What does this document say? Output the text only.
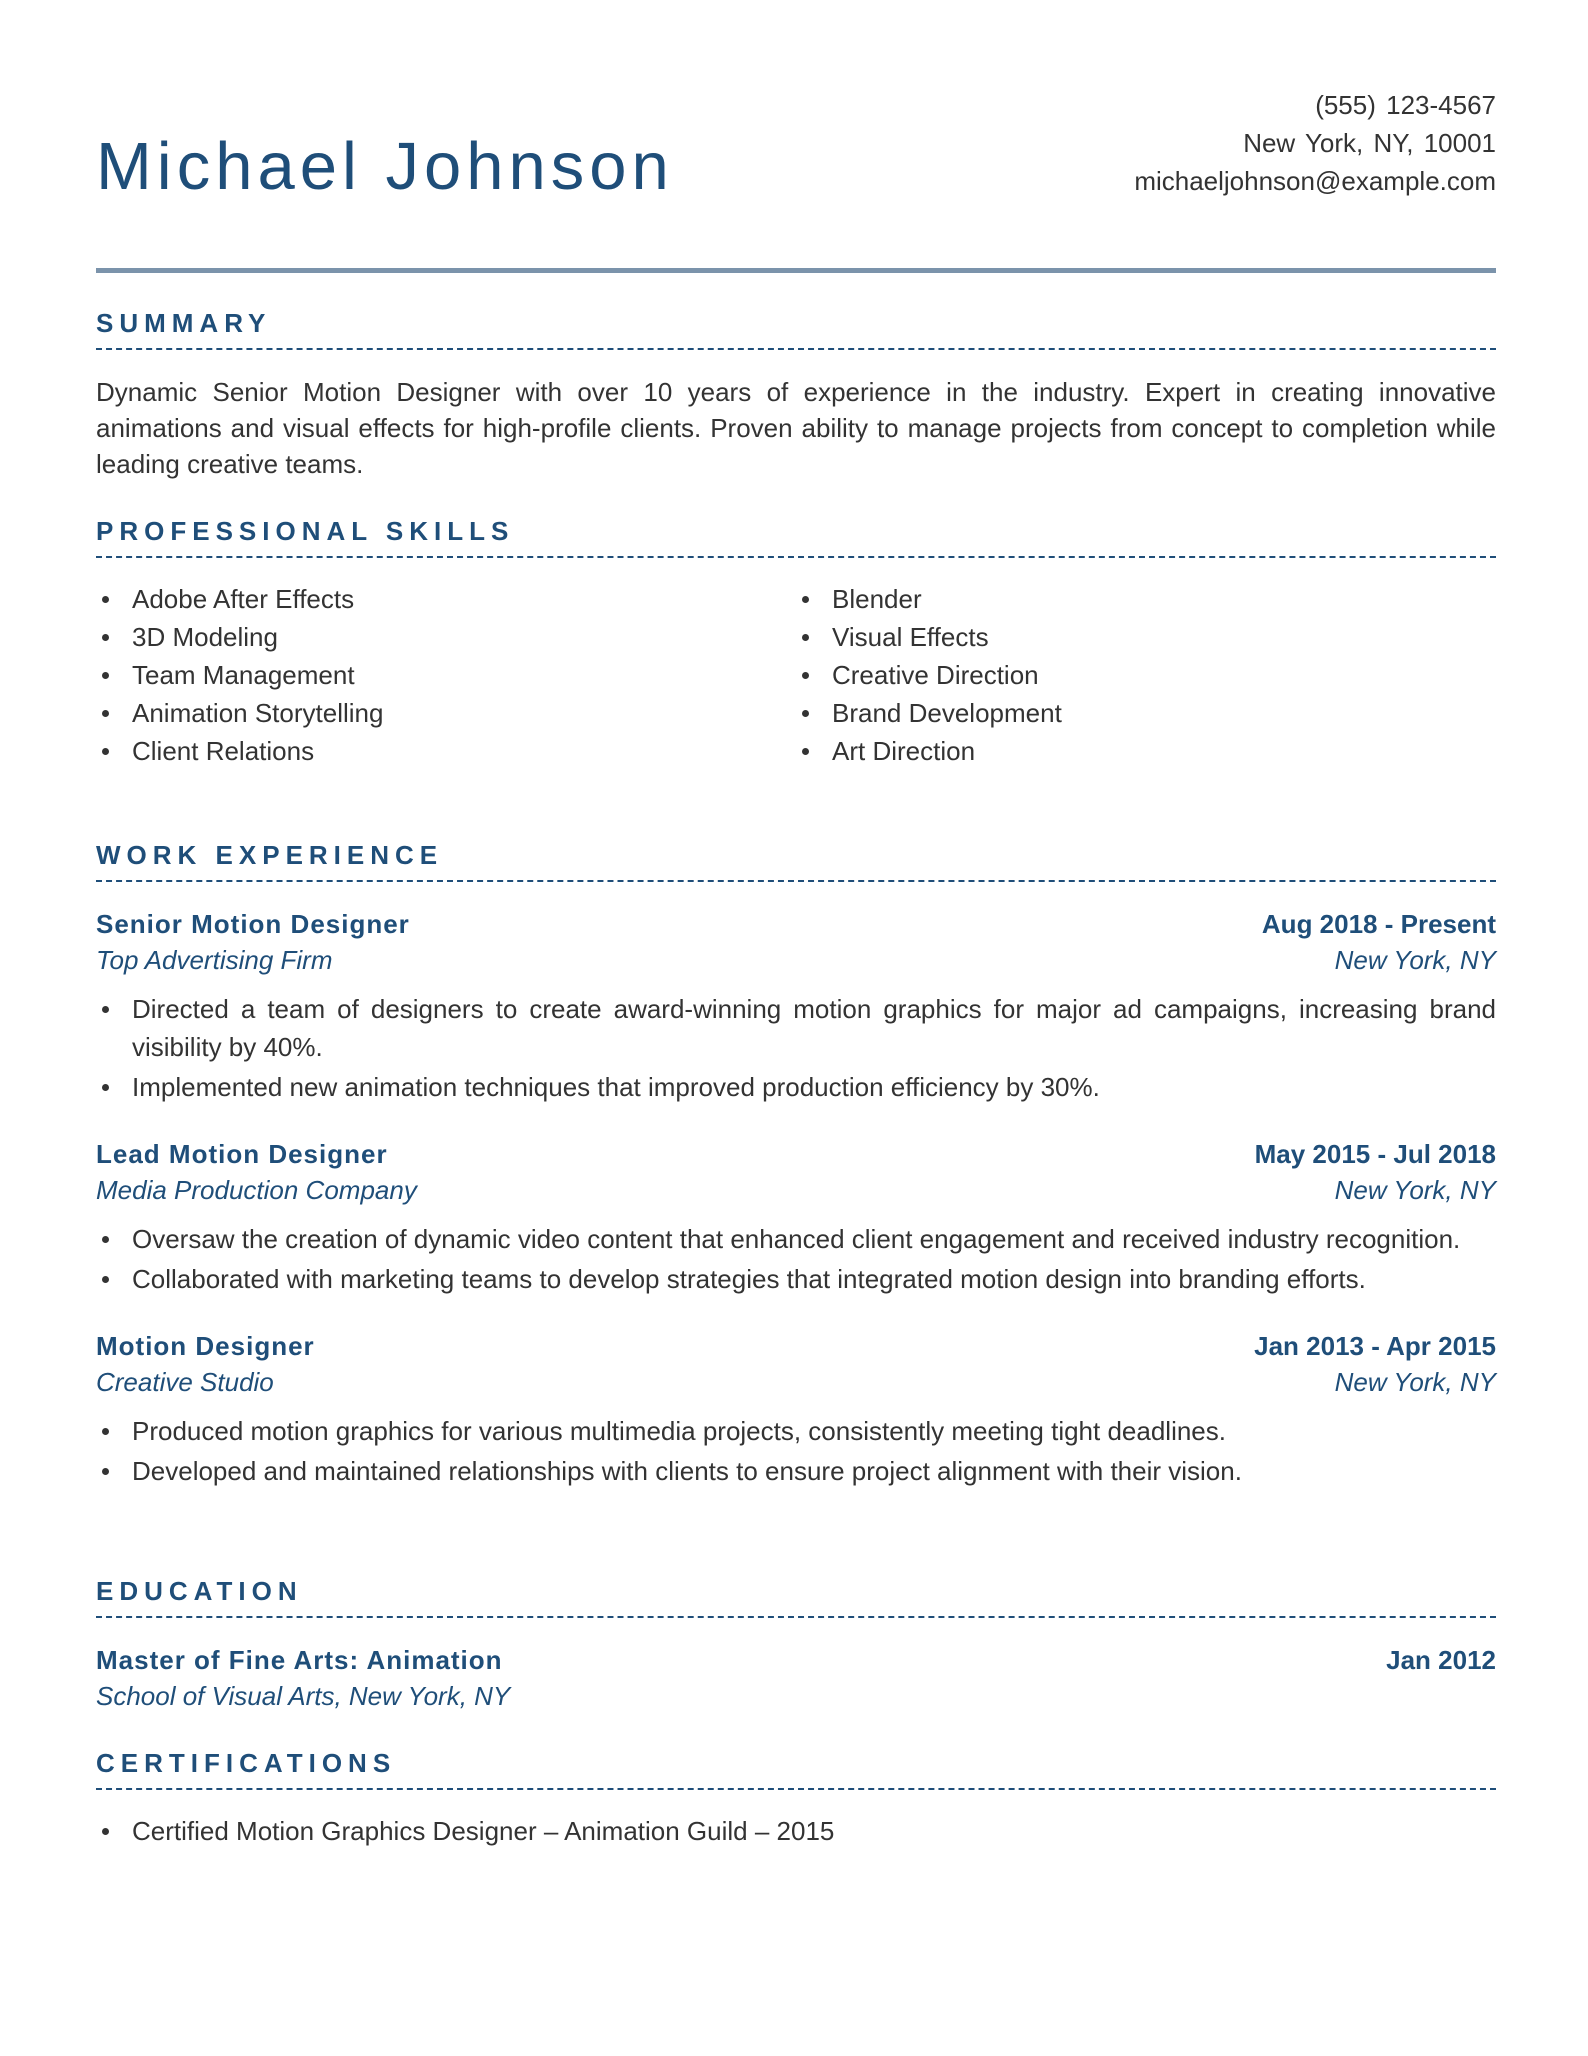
Michael Johnson
(555) 123-4567
New York, NY, 10001
michaeljohnson@example.com
SUMMARY
Dynamic Senior Motion Designer with over 10 years of experience in the industry. Expert in creating innovative animations and visual effects for high-profile clients. Proven ability to manage projects from concept to completion while leading creative teams.
PROFESSIONAL SKILLS
Adobe After Effects
3D Modeling
Team Management
Animation Storytelling
Client Relations
Blender
Visual Effects
Creative Direction
Brand Development
Art Direction
WORK EXPERIENCE
Senior Motion Designer	Aug 2018 - Present
Top Advertising Firm	New York, NY
Directed a team of designers to create award-winning motion graphics for major ad campaigns, increasing brand visibility by 40%.
Implemented new animation techniques that improved production efficiency by 30%.
Lead Motion Designer	May 2015 - Jul 2018
Media Production Company	New York, NY
Oversaw the creation of dynamic video content that enhanced client engagement and received industry recognition.
Collaborated with marketing teams to develop strategies that integrated motion design into branding efforts.
Motion Designer	Jan 2013 - Apr 2015
Creative Studio	New York, NY
Produced motion graphics for various multimedia projects, consistently meeting tight deadlines.
Developed and maintained relationships with clients to ensure project alignment with their vision.
EDUCATION
Master of Fine Arts: Animation	Jan 2012
School of Visual Arts, New York, NY
CERTIFICATIONS
Certified Motion Graphics Designer – Animation Guild – 2015
